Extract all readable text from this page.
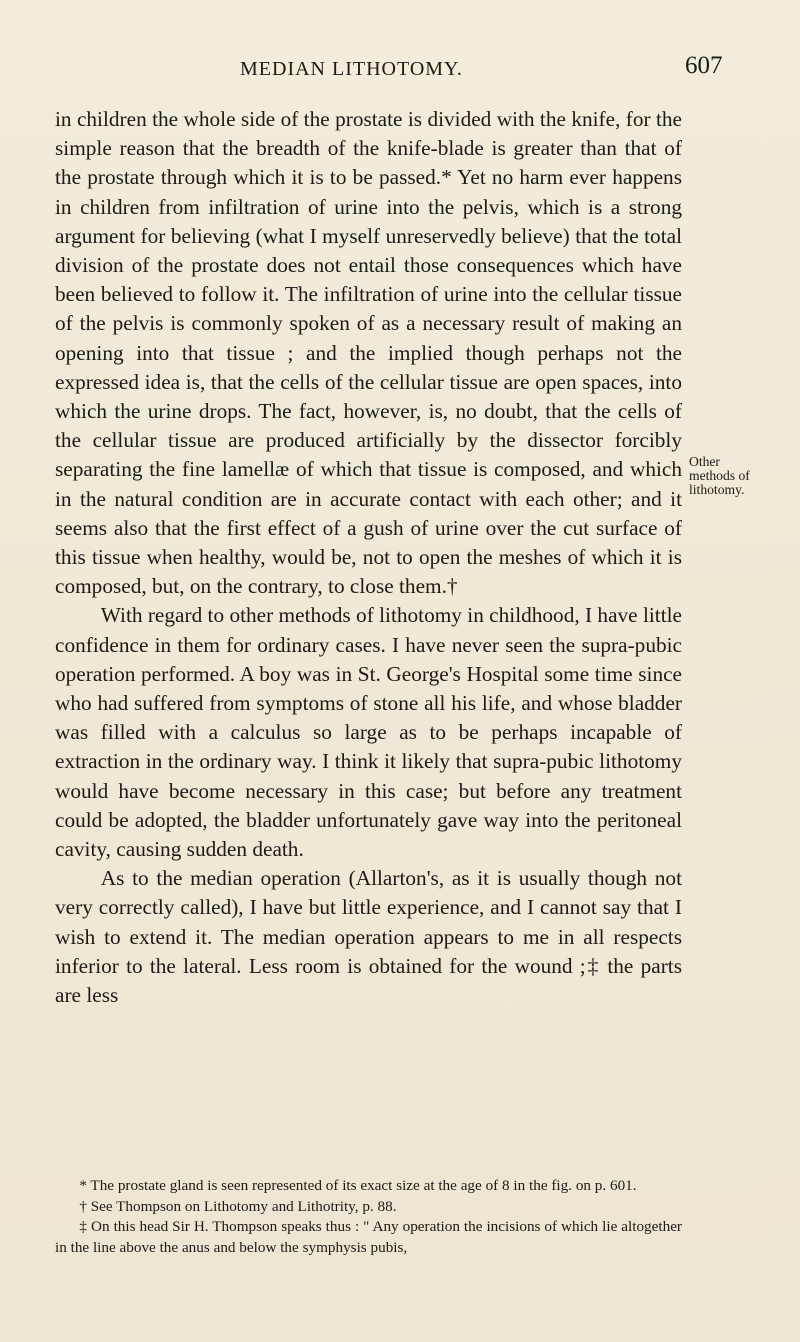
MEDIAN LITHOTOMY.	607

in children the whole side of the prostate is divided with the knife, for the simple reason that the breadth of the knife-blade is greater than that of the prostate through which it is to be passed.* Yet no harm ever happens in children from infiltration of urine into the pelvis, which is a strong argument for believing (what I myself unreservedly believe) that the total division of the prostate does not entail those consequences which have been believed to follow it. The infiltration of urine into the cellular tissue of the pelvis is commonly spoken of as a necessary result of making an opening into that tissue ; and the implied though perhaps not the expressed idea is, that the cells of the cellular tissue are open spaces, into which the urine drops. The fact, however, is, no doubt, that the cells of the cellular tissue are produced artificially by the dissector forcibly separating the fine lamellæ of which that tissue is composed, and which in the natural condition are in accurate contact with each other; and it seems also that the first effect of a gush of urine over the cut surface of this tissue when healthy, would be, not to open the meshes of which it is composed, but, on the contrary, to close them.†

With regard to other methods of lithotomy in childhood, I have little confidence in them for ordinary cases. I have never seen the supra-pubic operation performed. A boy was in St. George's Hospital some time since who had suffered from symptoms of stone all his life, and whose bladder was filled with a calculus so large as to be perhaps incapable of extraction in the ordinary way. I think it likely that supra-pubic lithotomy would have become necessary in this case; but before any treatment could be adopted, the bladder unfortunately gave way into the peritoneal cavity, causing sudden death.

As to the median operation (Allarton's, as it is usually though not very correctly called), I have but little experience, and I cannot say that I wish to extend it. The median operation appears to me in all respects inferior to the lateral. Less room is obtained for the wound ;‡ the parts are less

Other methods of lithotomy.

* The prostate gland is seen represented of its exact size at the age of 8 in the fig. on p. 601.

† See Thompson on Lithotomy and Lithotrity, p. 88.

‡ On this head Sir H. Thompson speaks thus : " Any operation the incisions of which lie altogether in the line above the anus and below the symphysis pubis,
